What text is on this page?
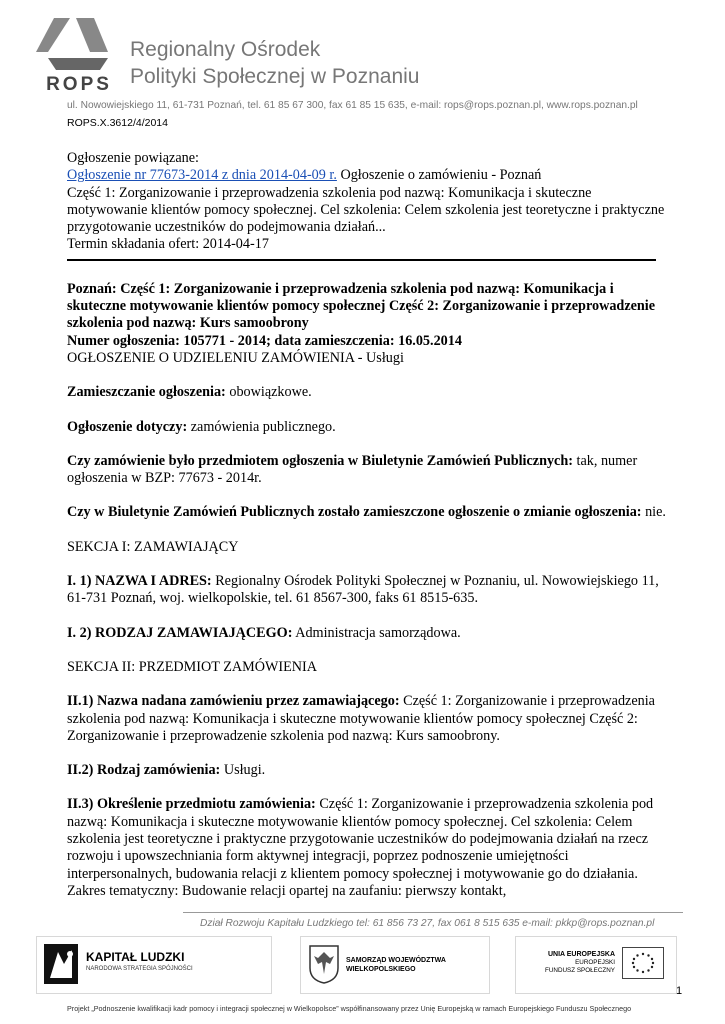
ROPS
Regionalny Ośrodek
Polityki Społecznej w Poznaniu
ul. Nowowiejskiego 11, 61-731 Poznań, tel. 61 85 67 300, fax 61 85 15 635, e-mail: rops@rops.poznan.pl, www.rops.poznan.pl
ROPS.X.3612/4/2014

Ogłoszenie powiązane:

Ogłoszenie nr 77673-2014 z dnia 2014-04-09 r. Ogłoszenie o zamówieniu - Poznań

Część 1: Zorganizowanie i przeprowadzenia szkolenia pod nazwą: Komunikacja i skuteczne motywowanie klientów pomocy społecznej. Cel szkolenia: Celem szkolenia jest teoretyczne i praktyczne przygotowanie uczestników do podejmowania działań...

Termin składania ofert: 2014-04-17

Poznań: Część 1: Zorganizowanie i przeprowadzenia szkolenia pod nazwą: Komunikacja i skuteczne motywowanie klientów pomocy społecznej Część 2: Zorganizowanie i przeprowadzenie szkolenia pod nazwą: Kurs samoobrony

Numer ogłoszenia: 105771 - 2014; data zamieszczenia: 16.05.2014

OGŁOSZENIE O UDZIELENIU ZAMÓWIENIA - Usługi

Zamieszczanie ogłoszenia: obowiązkowe.

Ogłoszenie dotyczy: zamówienia publicznego.

Czy zamówienie było przedmiotem ogłoszenia w Biuletynie Zamówień Publicznych: tak, numer ogłoszenia w BZP: 77673 - 2014r.

Czy w Biuletynie Zamówień Publicznych zostało zamieszczone ogłoszenie o zmianie ogłoszenia: nie.

SEKCJA I: ZAMAWIAJĄCY

I. 1) NAZWA I ADRES: Regionalny Ośrodek Polityki Społecznej w Poznaniu, ul. Nowowiejskiego 11, 61-731 Poznań, woj. wielkopolskie, tel. 61 8567-300, faks 61 8515-635.

I. 2) RODZAJ ZAMAWIAJĄCEGO: Administracja samorządowa.

SEKCJA II: PRZEDMIOT ZAMÓWIENIA

II.1) Nazwa nadana zamówieniu przez zamawiającego: Część 1: Zorganizowanie i przeprowadzenia szkolenia pod nazwą: Komunikacja i skuteczne motywowanie klientów pomocy społecznej Część 2: Zorganizowanie i przeprowadzenie szkolenia pod nazwą: Kurs samoobrony.

II.2) Rodzaj zamówienia: Usługi.

II.3) Określenie przedmiotu zamówienia: Część 1: Zorganizowanie i przeprowadzenia szkolenia pod nazwą: Komunikacja i skuteczne motywowanie klientów pomocy społecznej. Cel szkolenia: Celem szkolenia jest teoretyczne i praktyczne przygotowanie uczestników do podejmowania działań na rzecz rozwoju i upowszechniania form aktywnej integracji, poprzez podnoszenie umiejętności interpersonalnych, budowania relacji z klientem pomocy społecznej i motywowanie go do działania. Zakres tematyczny: Budowanie relacji opartej na zaufaniu: pierwszy kontakt,

Dział Rozwoju Kapitału Ludzkiego tel: 61 856 73 27, fax 061 8 515 635 e-mail: pkkp@rops.poznan.pl
KAPITAŁ LUDZKI
NARODOWA STRATEGIA SPÓJNOŚCI
SAMORZĄD WOJEWÓDZTWA
WIELKOPOLSKIEGO
UNIA EUROPEJSKA
EUROPEJSKI
FUNDUSZ SPOŁECZNY
1
Projekt „Podnoszenie kwalifikacji kadr pomocy i integracji społecznej w Wielkopolsce” współfinansowany przez Unię Europejską w ramach Europejskiego Funduszu Społecznego
